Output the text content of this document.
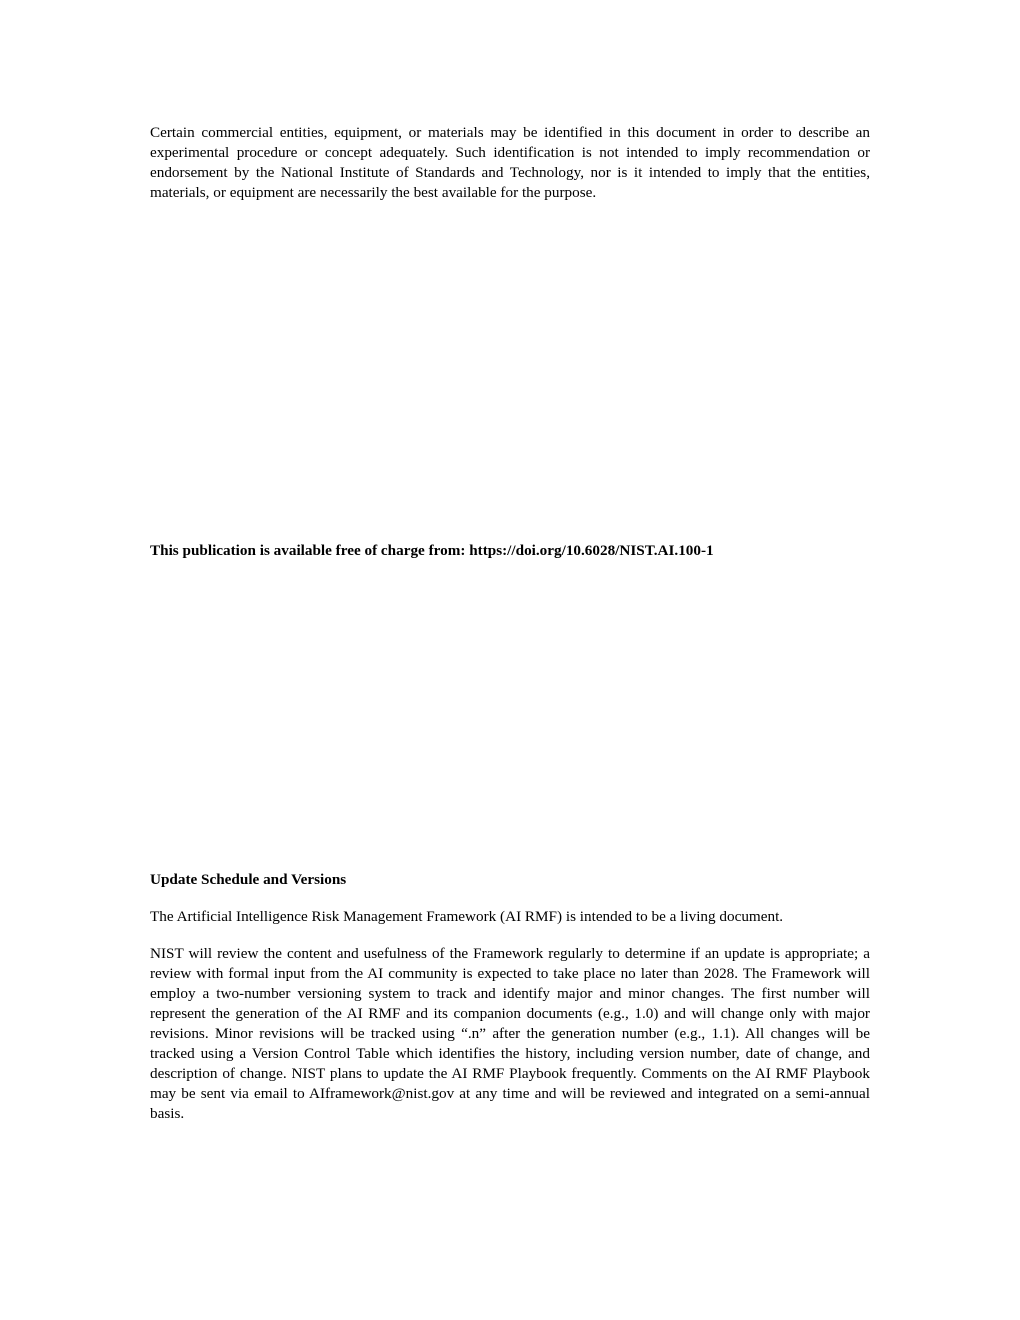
Certain commercial entities, equipment, or materials may be identified in this document in order to describe an experimental procedure or concept adequately. Such identification is not intended to imply recommendation or endorsement by the National Institute of Standards and Technology, nor is it intended to imply that the entities, materials, or equipment are necessarily the best available for the purpose.

This publication is available free of charge from: https://doi.org/10.6028/NIST.AI.100-1

Update Schedule and Versions

The Artificial Intelligence Risk Management Framework (AI RMF) is intended to be a living document.

NIST will review the content and usefulness of the Framework regularly to determine if an update is appropriate; a review with formal input from the AI community is expected to take place no later than 2028. The Framework will employ a two-number versioning system to track and identify major and minor changes. The first number will represent the generation of the AI RMF and its companion documents (e.g., 1.0) and will change only with major revisions. Minor revisions will be tracked using “.n” after the generation number (e.g., 1.1). All changes will be tracked using a Version Control Table which identifies the history, including version number, date of change, and description of change. NIST plans to update the AI RMF Playbook frequently. Comments on the AI RMF Playbook may be sent via email to AIframework@nist.gov at any time and will be reviewed and integrated on a semi-annual basis.
